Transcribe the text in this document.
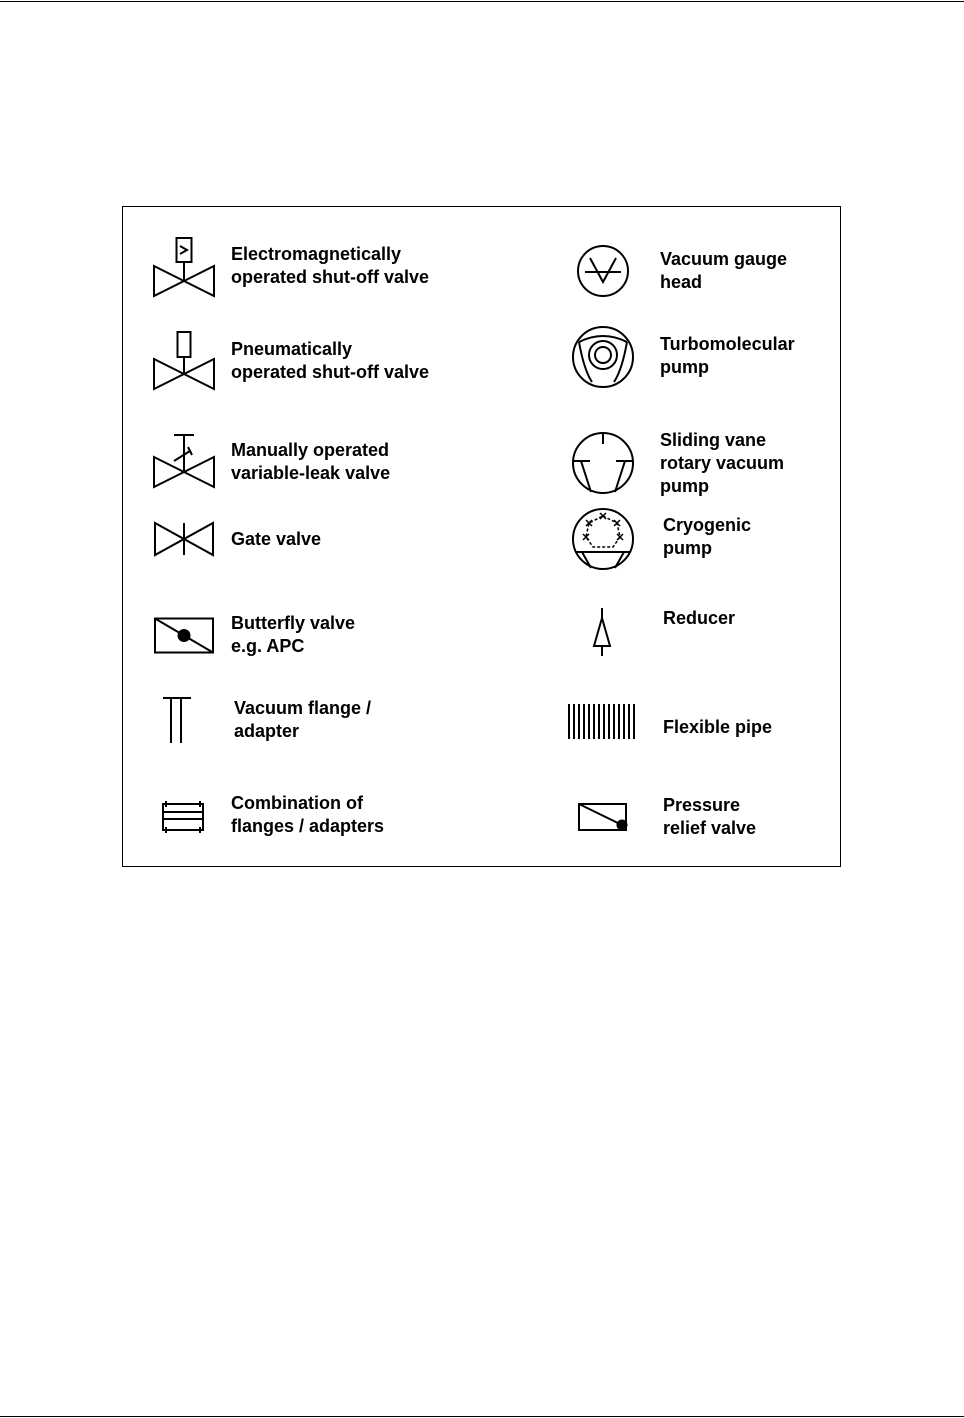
Electromagnetically
operated shut-off valve
Pneumatically
operated shut-off valve
Manually operated
variable-leak valve
Gate valve
Butterfly valve
e.g. APC
Vacuum flange /
adapter
Combination of
flanges / adapters
Vacuum gauge
head
Turbomolecular
pump
Sliding vane
rotary vacuum
pump
Cryogenic
pump
Reducer
Flexible pipe
Pressure
relief valve
